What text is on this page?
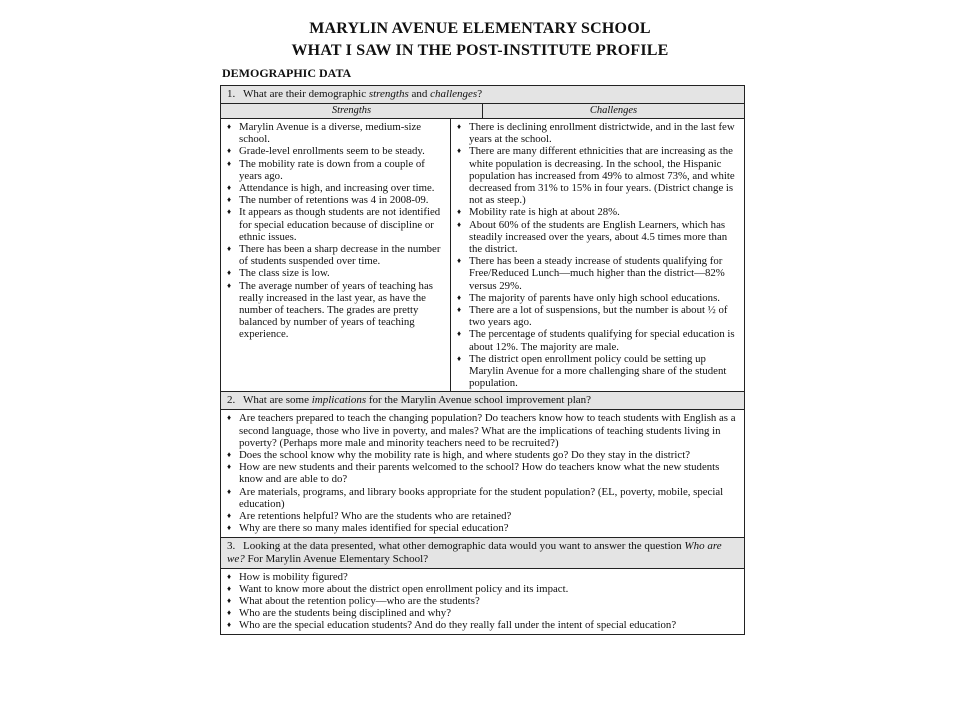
MARYLIN AVENUE ELEMENTARY SCHOOL
WHAT I SAW IN THE POST-INSTITUTE PROFILE
DEMOGRAPHIC DATA
1. What are their demographic strengths and challenges?
Strengths	Challenges
♦ Marylin Avenue is a diverse, medium-size school.
♦ Grade-level enrollments seem to be steady.
♦ The mobility rate is down from a couple of years ago.
♦ Attendance is high, and increasing over time.
♦ The number of retentions was 4 in 2008-09.
♦ It appears as though students are not identified for special education because of discipline or ethnic issues.
♦ There has been a sharp decrease in the number of students suspended over time.
♦ The class size is low.
♦ The average number of years of teaching has really increased in the last year, as have the number of teachers. The grades are pretty balanced by number of years of teaching experience.
♦ There is declining enrollment districtwide, and in the last few years at the school.
♦ There are many different ethnicities that are increasing as the white population is decreasing. In the school, the Hispanic population has increased from 49% to almost 73%, and white decreased from 31% to 15% in four years. (District change is not as steep.)
♦ Mobility rate is high at about 28%.
♦ About 60% of the students are English Learners, which has steadily increased over the years, about 4.5 times more than the district.
♦ There has been a steady increase of students qualifying for Free/Reduced Lunch—much higher than the district—82% versus 29%.
♦ The majority of parents have only high school educations.
♦ There are a lot of suspensions, but the number is about ½ of two years ago.
♦ The percentage of students qualifying for special education is about 12%. The majority are male.
♦ The district open enrollment policy could be setting up Marylin Avenue for a more challenging share of the student population.
2. What are some implications for the Marylin Avenue school improvement plan?
♦ Are teachers prepared to teach the changing population? Do teachers know how to teach students with English as a second language, those who live in poverty, and males? What are the implications of teaching students living in poverty? (Perhaps more male and minority teachers need to be recruited?)
♦ Does the school know why the mobility rate is high, and where students go? Do they stay in the district?
♦ How are new students and their parents welcomed to the school? How do teachers know what the new students know and are able to do?
♦ Are materials, programs, and library books appropriate for the student population? (EL, poverty, mobile, special education)
♦ Are retentions helpful? Who are the students who are retained?
♦ Why are there so many males identified for special education?
3. Looking at the data presented, what other demographic data would you want to answer the question Who are we? For Marylin Avenue Elementary School?
♦ How is mobility figured?
♦ Want to know more about the district open enrollment policy and its impact.
♦ What about the retention policy—who are the students?
♦ Who are the students being disciplined and why?
♦ Who are the special education students? And do they really fall under the intent of special education?
